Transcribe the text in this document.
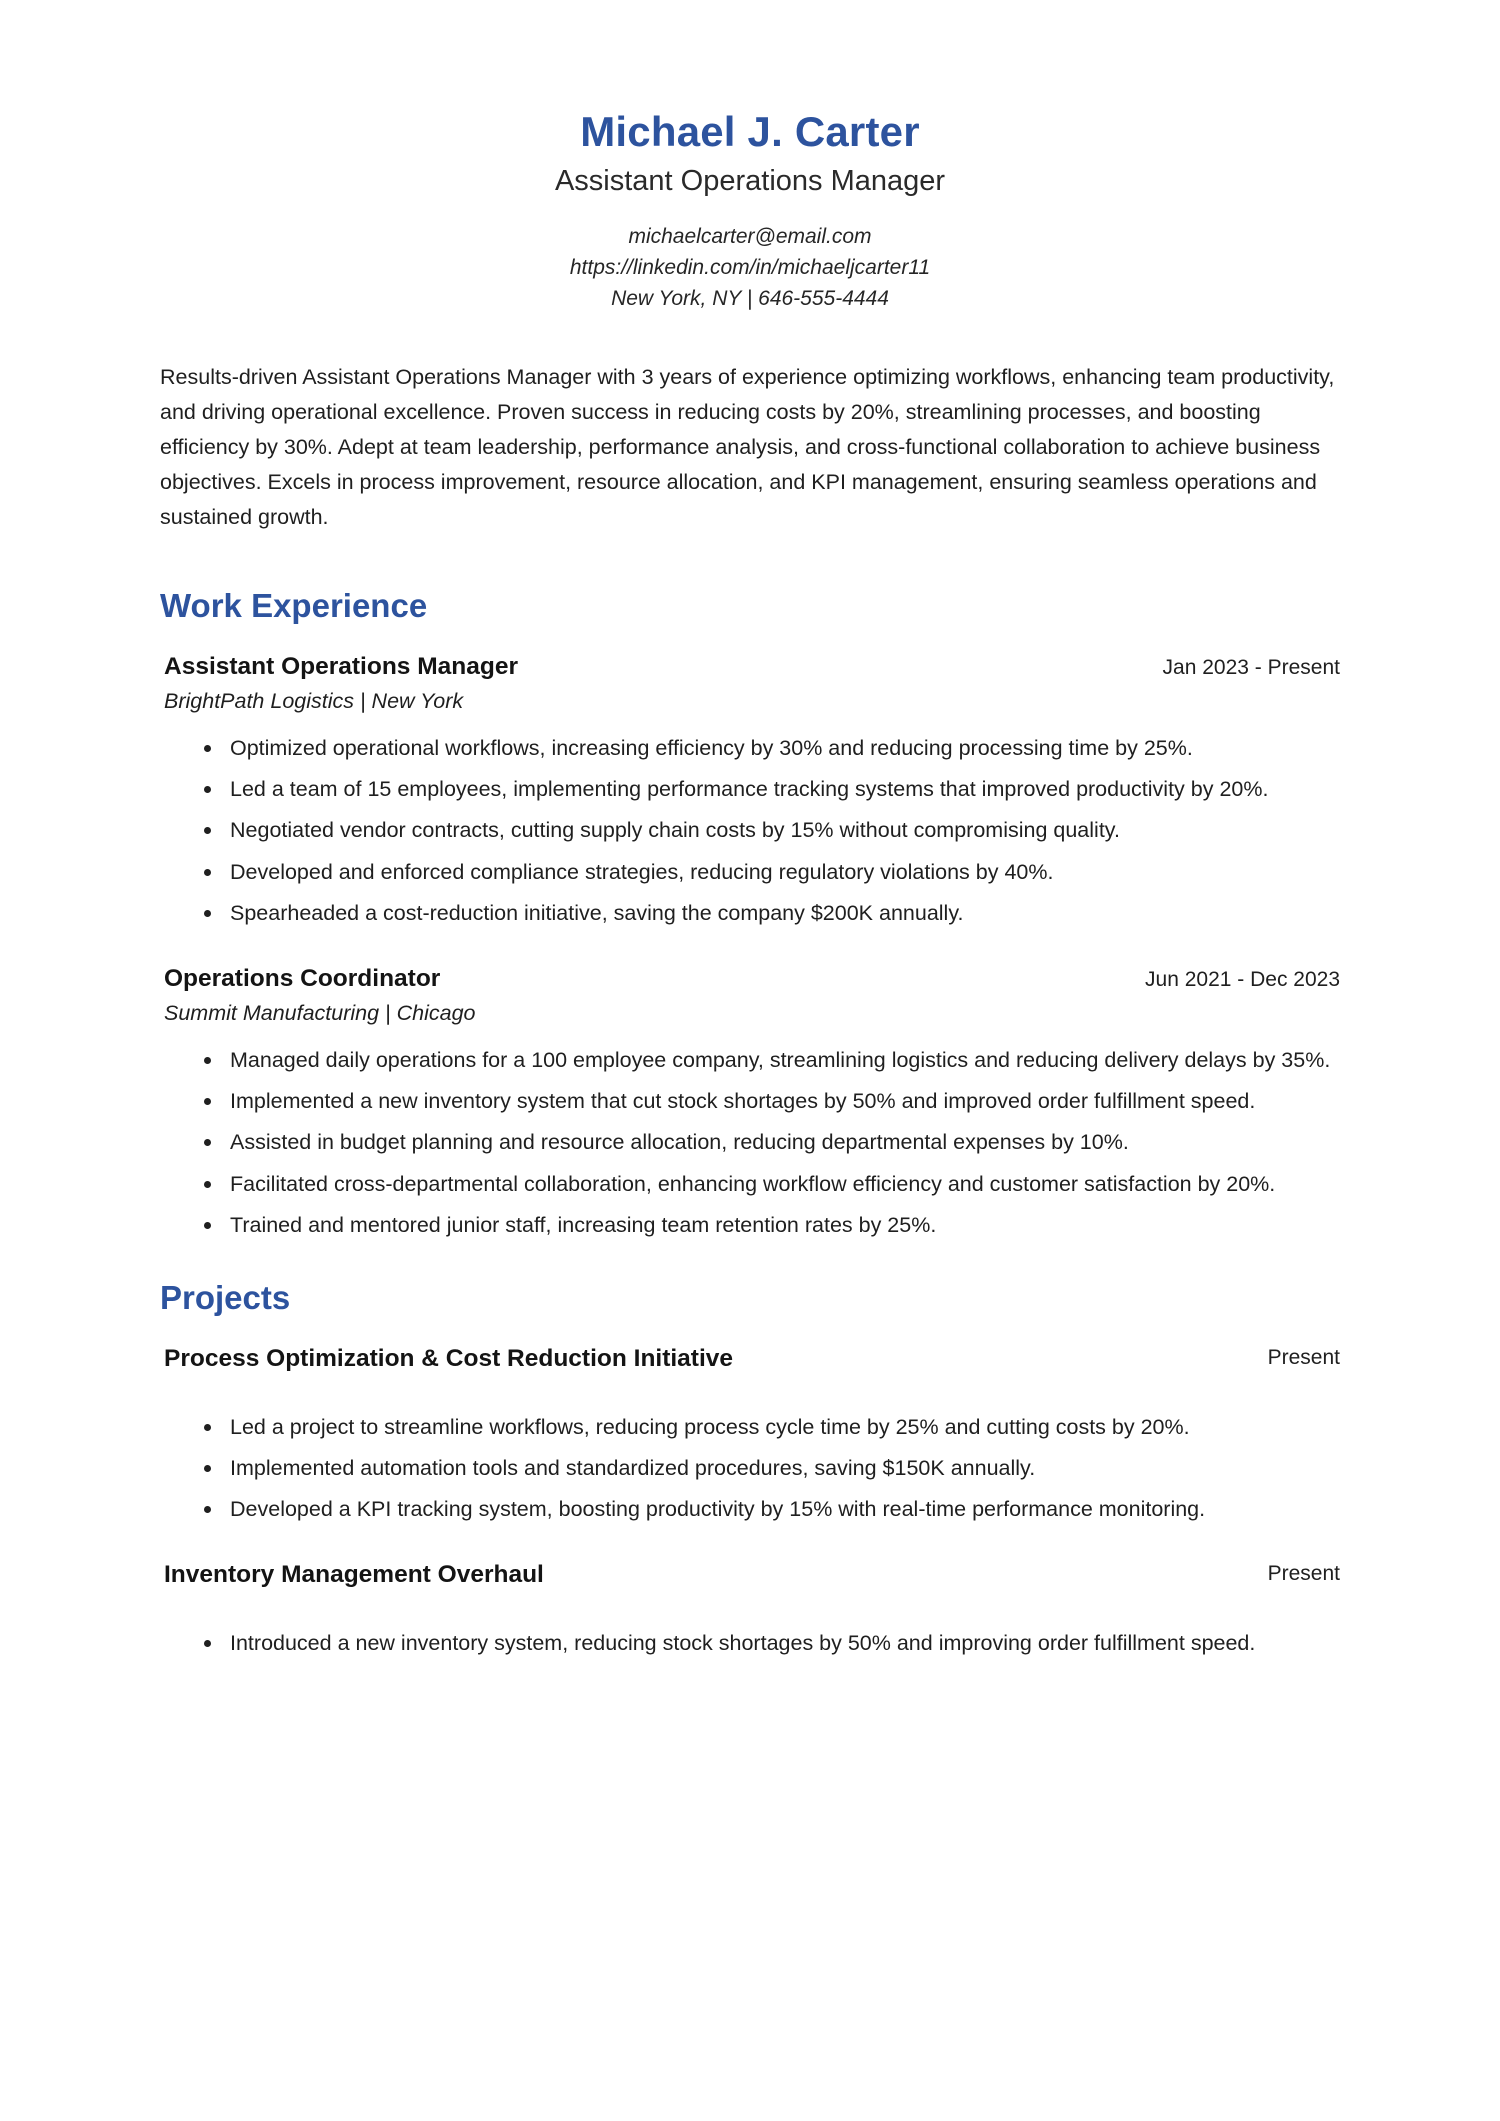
Michael J. Carter
Assistant Operations Manager
michaelcarter@email.com
https://linkedin.com/in/michaeljcarter11
New York, NY | 646-555-4444

Results-driven Assistant Operations Manager with 3 years of experience optimizing workflows, enhancing team productivity, and driving operational excellence. Proven success in reducing costs by 20%, streamlining processes, and boosting efficiency by 30%. Adept at team leadership, performance analysis, and cross-functional collaboration to achieve business objectives. Excels in process improvement, resource allocation, and KPI management, ensuring seamless operations and sustained growth.

Work Experience
Assistant Operations Manager	Jan 2023 - Present
BrightPath Logistics | New York
Optimized operational workflows, increasing efficiency by 30% and reducing processing time by 25%.
Led a team of 15 employees, implementing performance tracking systems that improved productivity by 20%.
Negotiated vendor contracts, cutting supply chain costs by 15% without compromising quality.
Developed and enforced compliance strategies, reducing regulatory violations by 40%.
Spearheaded a cost-reduction initiative, saving the company $200K annually.
Operations Coordinator	Jun 2021 - Dec 2023
Summit Manufacturing | Chicago
Managed daily operations for a 100 employee company, streamlining logistics and reducing delivery delays by 35%.
Implemented a new inventory system that cut stock shortages by 50% and improved order fulfillment speed.
Assisted in budget planning and resource allocation, reducing departmental expenses by 10%.
Facilitated cross-departmental collaboration, enhancing workflow efficiency and customer satisfaction by 20%.
Trained and mentored junior staff, increasing team retention rates by 25%.
Projects
Process Optimization & Cost Reduction Initiative	Present
Led a project to streamline workflows, reducing process cycle time by 25% and cutting costs by 20%.
Implemented automation tools and standardized procedures, saving $150K annually.
Developed a KPI tracking system, boosting productivity by 15% with real-time performance monitoring.
Inventory Management Overhaul	Present
Introduced a new inventory system, reducing stock shortages by 50% and improving order fulfillment speed.
